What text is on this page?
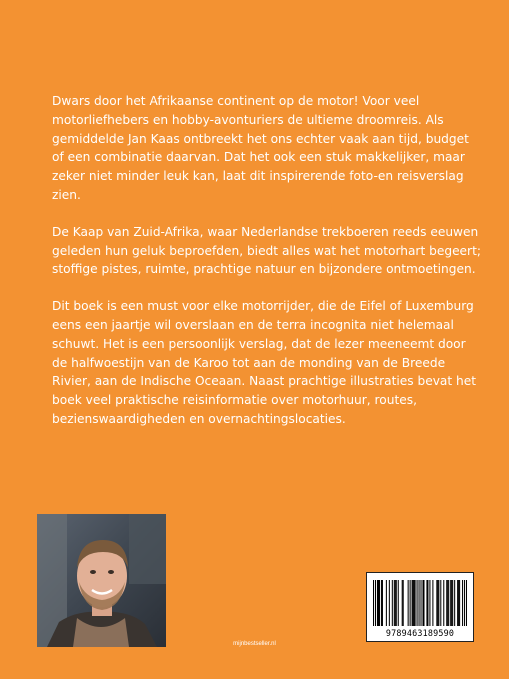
Dwars door het Afrikaanse continent op de motor! Voor veel motorliefhebers en hobby-avonturiers de ultieme droomreis. Als gemiddelde Jan Kaas ontbreekt het ons echter vaak aan tijd, budget of een combinatie daarvan. Dat het ook een stuk makkelijker, maar zeker niet minder leuk kan, laat dit inspirerende foto-en reisverslag zien.

De Kaap van Zuid-Afrika, waar Nederlandse trekboeren reeds eeuwen geleden hun geluk beproefden, biedt alles wat het motorhart begeert; stoffige pistes, ruimte, prachtige natuur en bijzondere ontmoetingen.

Dit boek is een must voor elke motorrijder, die de Eifel of Luxemburg eens een jaartje wil overslaan en de terra incognita niet helemaal schuwt. Het is een persoonlijk verslag, dat de lezer meeneemt door de halfwoestijn van de Karoo tot aan de monding van de Breede Rivier, aan de Indische Oceaan. Naast prachtige illustraties bevat het boek veel praktische reisinformatie over motorhuur, routes, bezienswaardigheden en overnachtingslocaties.

mijnbestseller.nl
9789463189590
